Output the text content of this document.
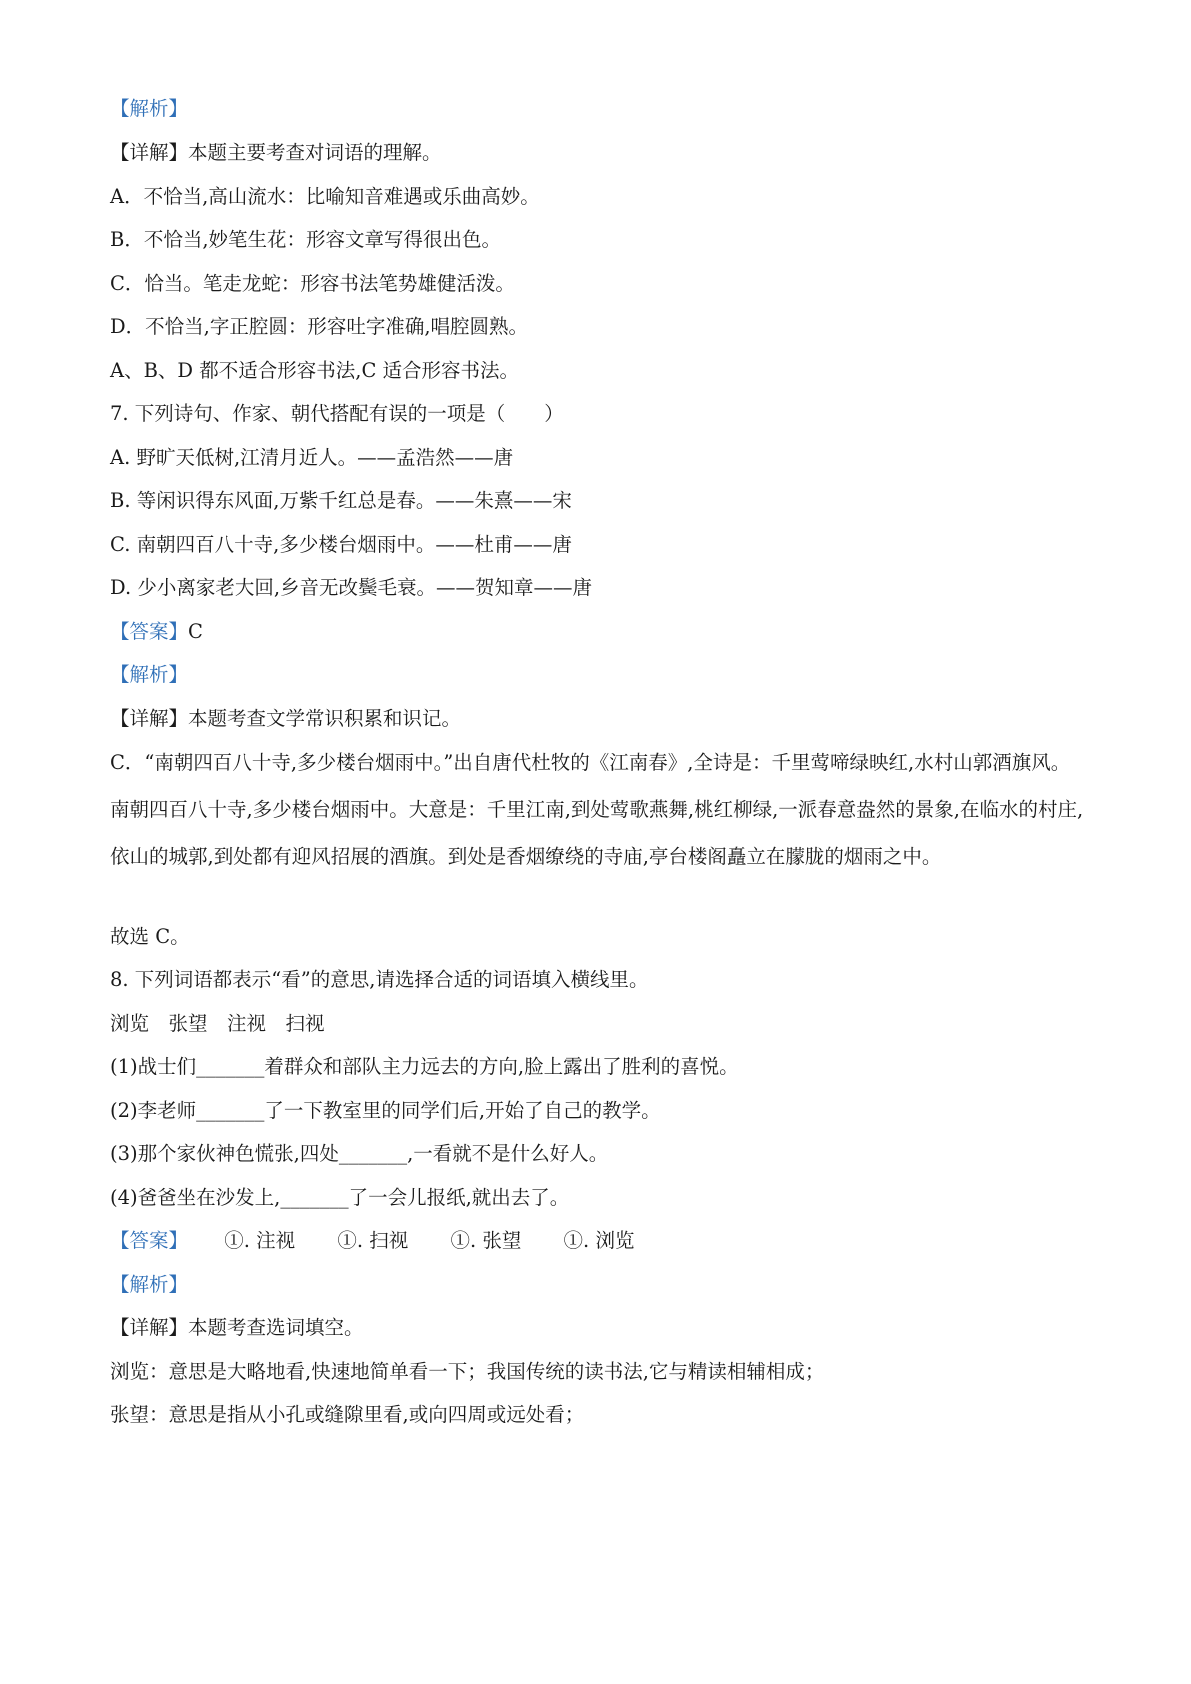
【解析】
【详解】本题主要考查对词语的理解。
A．不恰当,高山流水：比喻知音难遇或乐曲高妙。
B．不恰当,妙笔生花：形容文章写得很出色。
C．恰当。笔走龙蛇：形容书法笔势雄健活泼。
D．不恰当,字正腔圆：形容吐字准确,唱腔圆熟。
A、B、D 都不适合形容书法,C 适合形容书法。
7. 下列诗句、作家、朝代搭配有误的一项是（　　）
A. 野旷天低树,江清月近人。——孟浩然——唐
B. 等闲识得东风面,万紫千红总是春。——朱熹——宋
C. 南朝四百八十寺,多少楼台烟雨中。——杜甫——唐
D. 少小离家老大回,乡音无改鬓毛衰。——贺知章——唐
【答案】C
【解析】
【详解】本题考查文学常识积累和识记。
C．“南朝四百八十寺,多少楼台烟雨中。”出自唐代杜牧的《江南春》,全诗是：千里莺啼绿映红,水村山郭酒旗风。南朝四百八十寺,多少楼台烟雨中。大意是：千里江南,到处莺歌燕舞,桃红柳绿,一派春意盎然的景象,在临水的村庄,依山的城郭,到处都有迎风招展的酒旗。到处是香烟缭绕的寺庙,亭台楼阁矗立在朦胧的烟雨之中。
故选 C。
8. 下列词语都表示“看”的意思,请选择合适的词语填入横线里。
浏览　张望　注视　扫视
(1)战士们_______着群众和部队主力远去的方向,脸上露出了胜利的喜悦。
(2)李老师_______了一下教室里的同学们后,开始了自己的教学。
(3)那个家伙神色慌张,四处_______,一看就不是什么好人。
(4)爸爸坐在沙发上,_______了一会儿报纸,就出去了。
【答案】 ①. 注视 ①. 扫视 ①. 张望 ①. 浏览
【解析】
【详解】本题考查选词填空。
浏览：意思是大略地看,快速地简单看一下；我国传统的读书法,它与精读相辅相成；
张望：意思是指从小孔或缝隙里看,或向四周或远处看；
